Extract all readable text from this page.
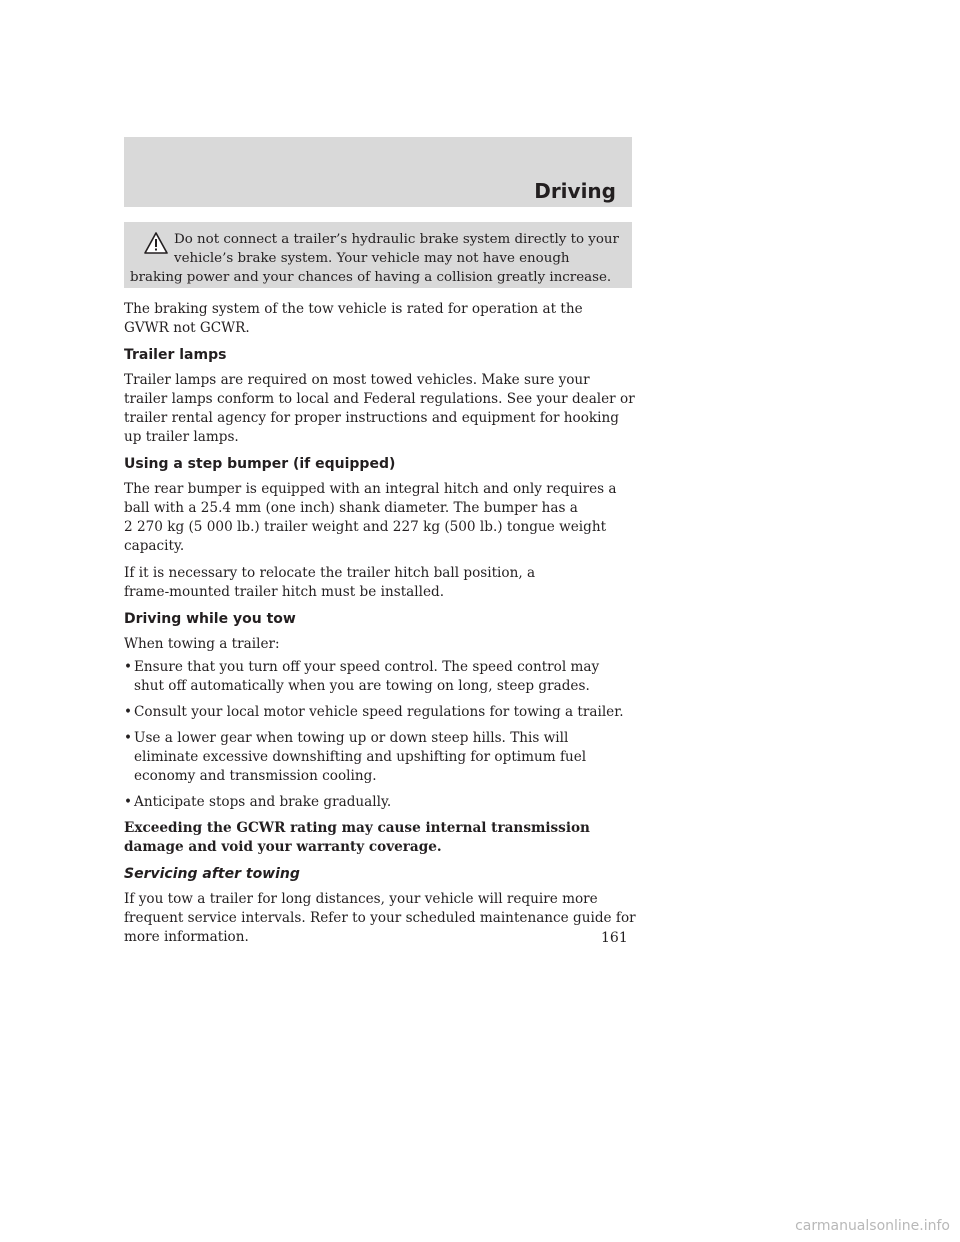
Driving
Do not connect a trailer’s hydraulic brake system directly to your
vehicle’s brake system. Your vehicle may not have enough
braking power and your chances of having a collision greatly increase.

The braking system of the tow vehicle is rated for operation at the
GVWR not GCWR.

Trailer lamps

Trailer lamps are required on most towed vehicles. Make sure your
trailer lamps conform to local and Federal regulations. See your dealer or
trailer rental agency for proper instructions and equipment for hooking
up trailer lamps.

Using a step bumper (if equipped)

The rear bumper is equipped with an integral hitch and only requires a
ball with a 25.4 mm (one inch) shank diameter. The bumper has a
2 270 kg (5 000 lb.) trailer weight and 227 kg (500 lb.) tongue weight
capacity.

If it is necessary to relocate the trailer hitch ball position, a
frame-mounted trailer hitch must be installed.

Driving while you tow

When towing a trailer:

• Ensure that you turn off your speed control. The speed control may
shut off automatically when you are towing on long, steep grades.
• Consult your local motor vehicle speed regulations for towing a trailer.
• Use a lower gear when towing up or down steep hills. This will
eliminate excessive downshifting and upshifting for optimum fuel
economy and transmission cooling.
• Anticipate stops and brake gradually.

Exceeding the GCWR rating may cause internal transmission
damage and void your warranty coverage.

Servicing after towing

If you tow a trailer for long distances, your vehicle will require more
frequent service intervals. Refer to your scheduled maintenance guide for
more information.	161
carmanualsonline.info
